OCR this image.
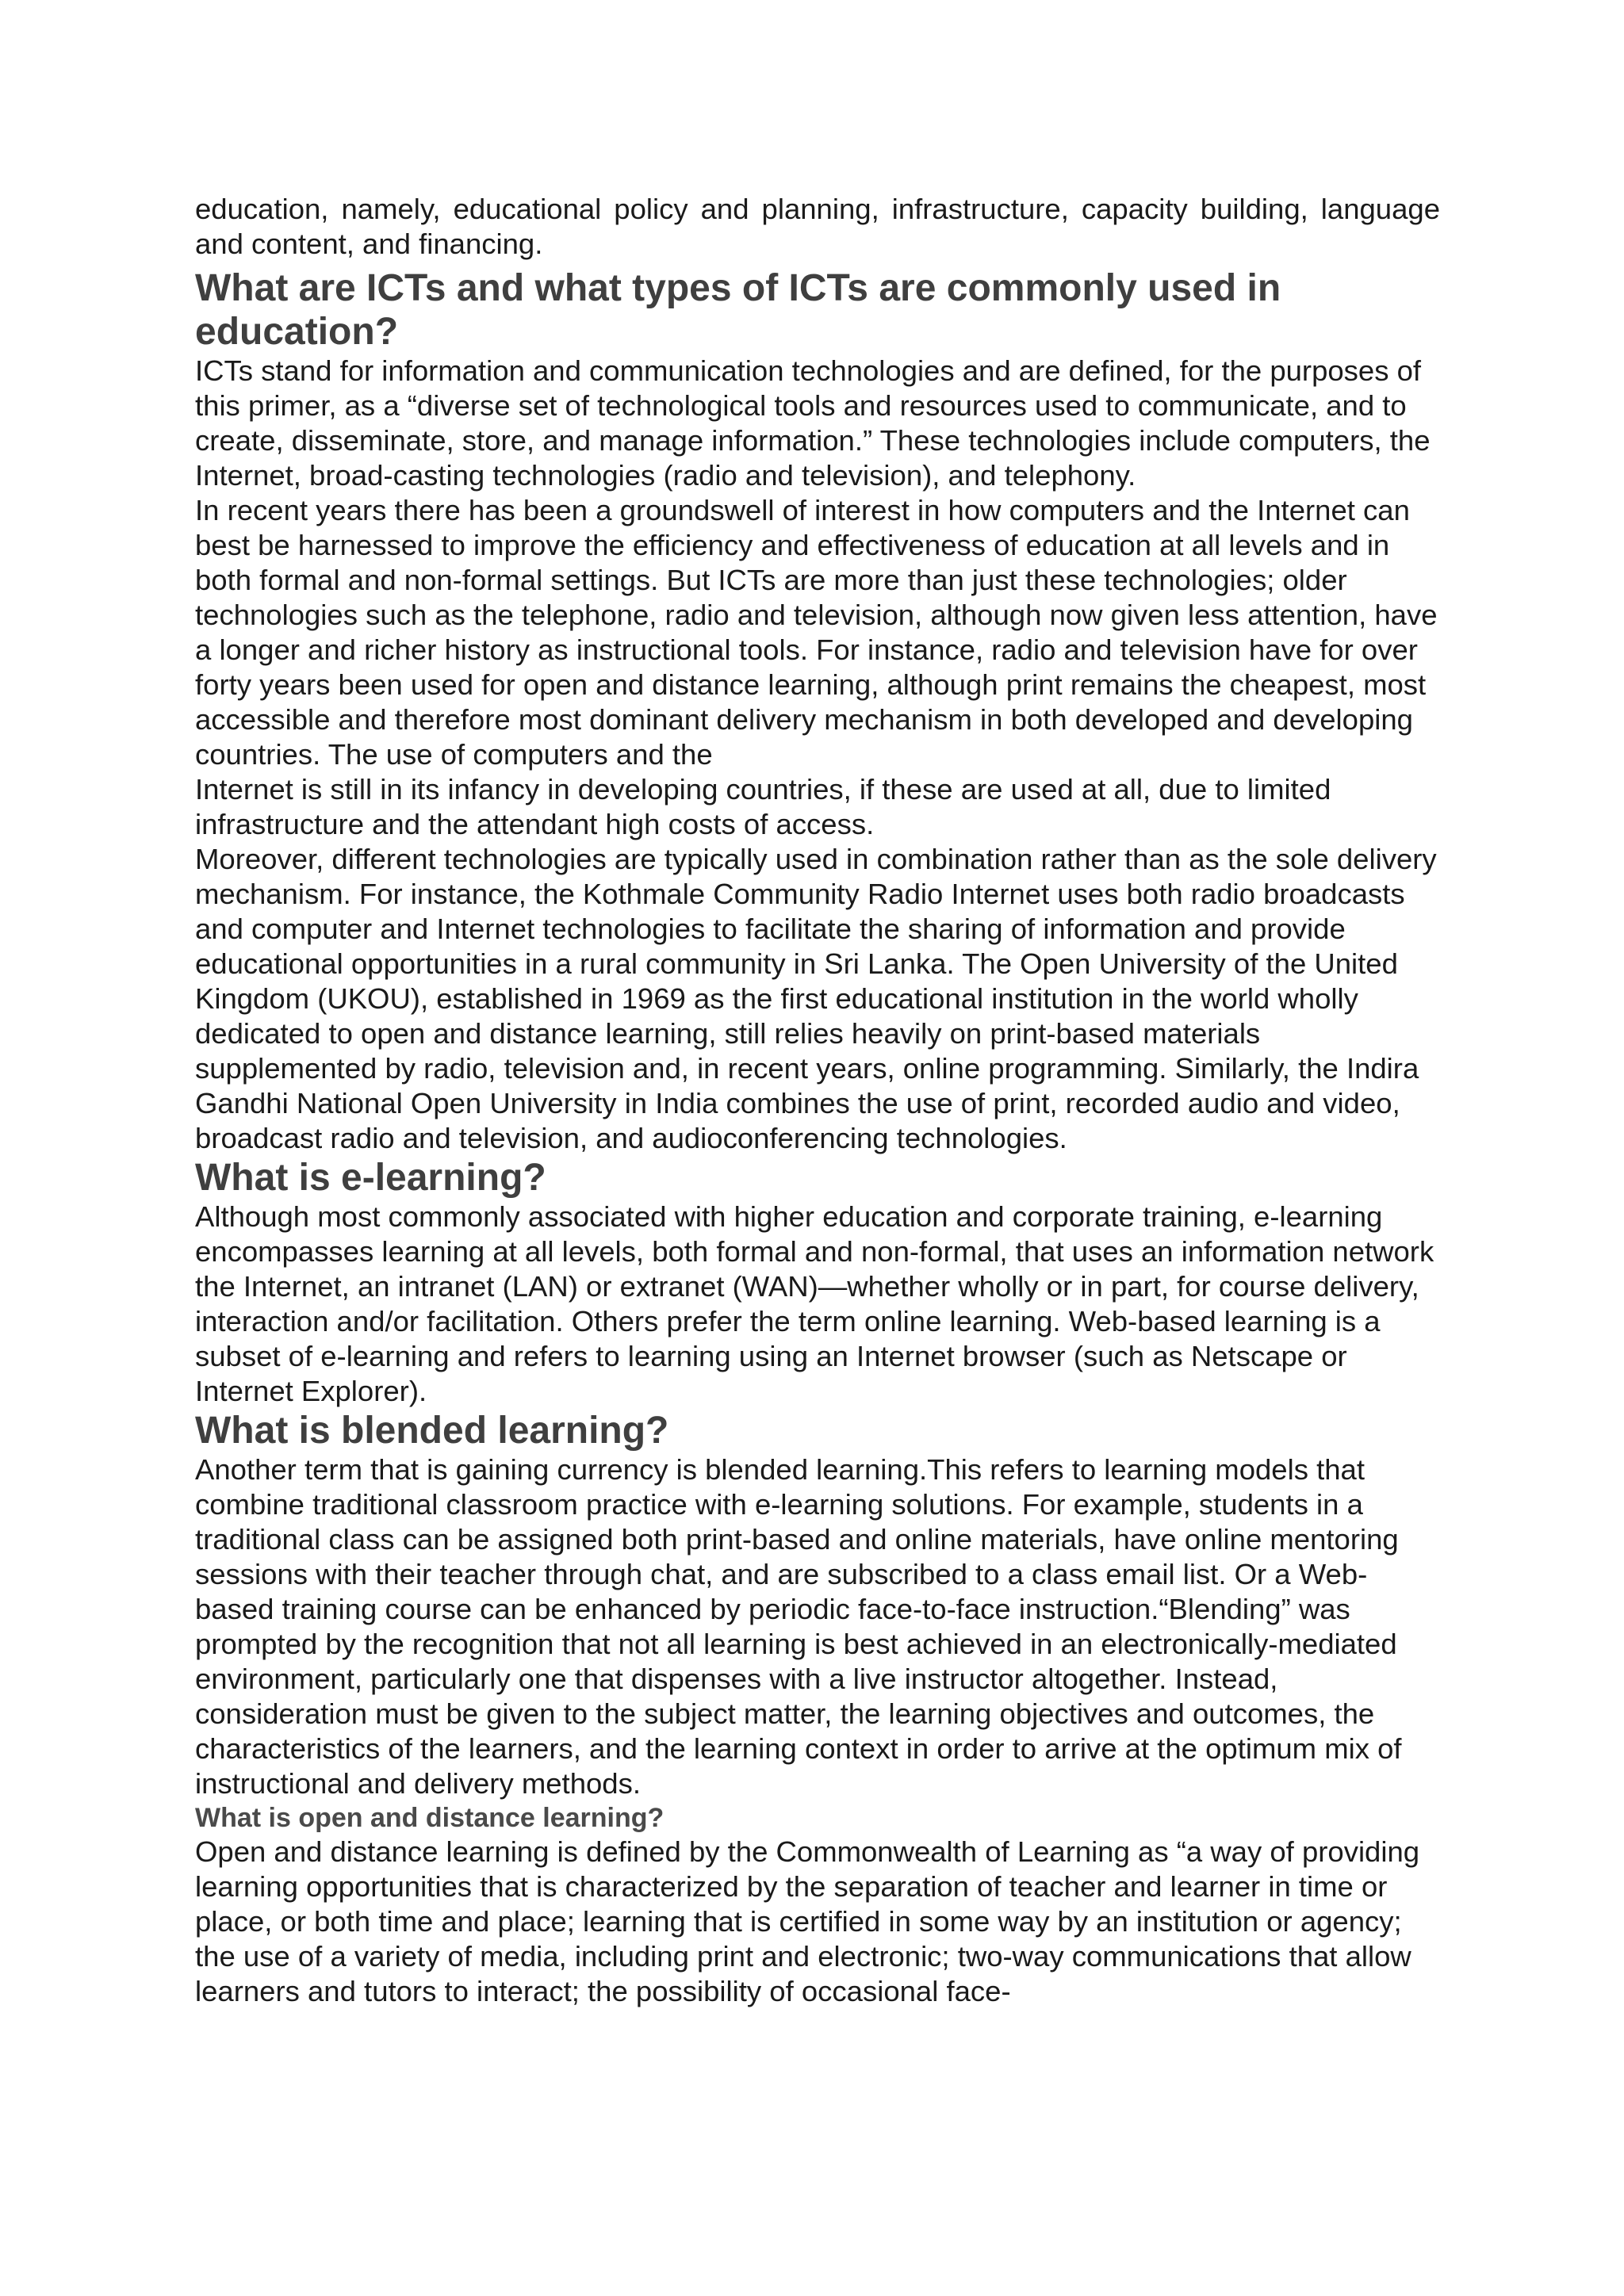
education, namely, educational policy and planning, infrastructure, capacity building, language and content, and financing.

What are ICTs and what types of ICTs are commonly used in education?

ICTs stand for information and communication technologies and are defined, for the purposes of this primer, as a “diverse set of technological tools and resources used to communicate, and to create, disseminate, store, and manage information.” These technologies include computers, the Internet, broad-casting technologies (radio and television), and telephony.

In recent years there has been a groundswell of interest in how computers and the Internet can best be harnessed to improve the efficiency and effectiveness of education at all levels and in both formal and non-formal settings. But ICTs are more than just these technologies; older technologies such as the telephone, radio and television, although now given less attention, have a longer and richer history as instructional tools. For instance, radio and television have for over forty years been used for open and distance learning, although print remains the cheapest, most accessible and therefore most dominant delivery mechanism in both developed and developing countries. The use of computers and the

Internet is still in its infancy in developing countries, if these are used at all, due to limited infrastructure and the attendant high costs of access.

Moreover, different technologies are typically used in combination rather than as the sole delivery mechanism. For instance, the Kothmale Community Radio Internet uses both radio broadcasts and computer and Internet technologies to facilitate the sharing of information and provide educational opportunities in a rural community in Sri Lanka. The Open University of the United Kingdom (UKOU), established in 1969 as the first educational institution in the world wholly dedicated to open and distance learning, still relies heavily on print-based materials supplemented by radio, television and, in recent years, online programming. Similarly, the Indira Gandhi National Open University in India combines the use of print, recorded audio and video, broadcast radio and television, and audioconferencing technologies.

What is e-learning?

Although most commonly associated with higher education and corporate training, e-learning encompasses learning at all levels, both formal and non-formal, that uses an information network the Internet, an intranet (LAN) or extranet (WAN)—whether wholly or in part, for course delivery, interaction and/or facilitation. Others prefer the term online learning. Web-based learning is a subset of e-learning and refers to learning using an Internet browser (such as Netscape or Internet Explorer).

What is blended learning?

Another term that is gaining currency is blended learning.This refers to learning models that combine traditional classroom practice with e-learning solutions. For example, students in a traditional class can be assigned both print-based and online materials, have online mentoring sessions with their teacher through chat, and are subscribed to a class email list. Or a Web-based training course can be enhanced by periodic face-to-face instruction.“Blending” was prompted by the recognition that not all learning is best achieved in an electronically-mediated environment, particularly one that dispenses with a live instructor altogether. Instead, consideration must be given to the subject matter, the learning objectives and outcomes, the characteristics of the learners, and the learning context in order to arrive at the optimum mix of instructional and delivery methods.

What is open and distance learning?

Open and distance learning is defined by the Commonwealth of Learning as “a way of providing learning opportunities that is characterized by the separation of teacher and learner in time or place, or both time and place; learning that is certified in some way by an institution or agency; the use of a variety of media, including print and electronic; two-way communications that allow learners and tutors to interact; the possibility of occasional face-
